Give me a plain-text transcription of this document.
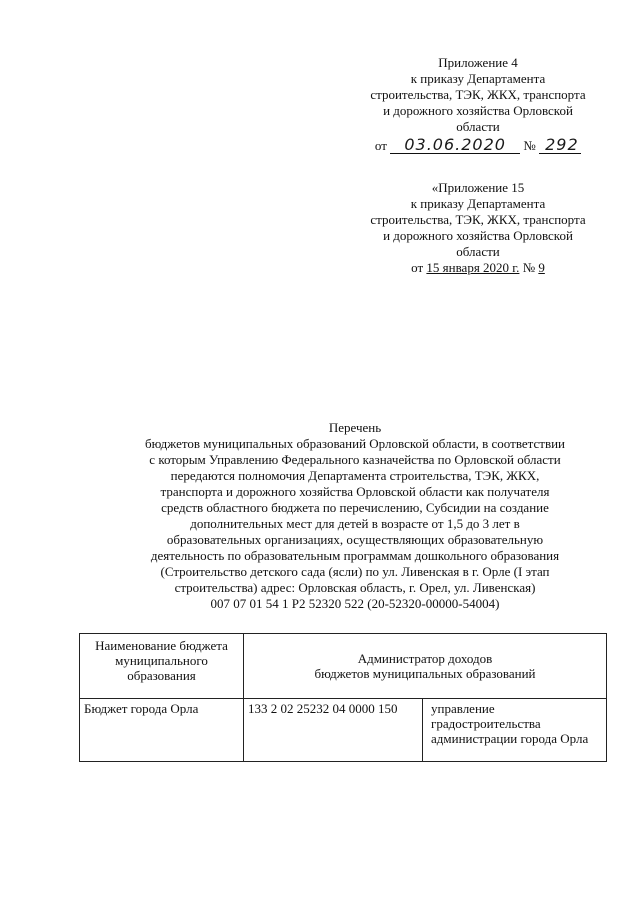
Приложение 4
к приказу Департамента
строительства, ТЭК, ЖКХ, транспорта
и дорожного хозяйства Орловской
области
от 03.06.2020 № 292
«Приложение 15
к приказу Департамента
строительства, ТЭК, ЖКХ, транспорта
и дорожного хозяйства Орловской
области
от 15 января 2020 г. № 9
Перечень
бюджетов муниципальных образований Орловской области, в соответствии
с которым Управлению Федерального казначейства по Орловской области
передаются полномочия Департамента строительства, ТЭК, ЖКХ,
транспорта и дорожного хозяйства Орловской области как получателя
средств областного бюджета по перечислению, Субсидии на создание
дополнительных мест для детей в возрасте от 1,5 до 3 лет в
образовательных организациях, осуществляющих образовательную
деятельность по образовательным программам дошкольного образования
(Строительство детского сада (ясли) по ул. Ливенская в г. Орле (I этап
строительства) адрес: Орловская область, г. Орел, ул. Ливенская)
007 07 01 54 1 Р2 52320 522 (20-52320-00000-54004)
Наименование бюджета муниципального образования	Администратор доходов
бюджетов муниципальных образований	

Бюджет города Орла	133 2 02 25232 04 0000 150	управление градостроительства администрации города Орла
